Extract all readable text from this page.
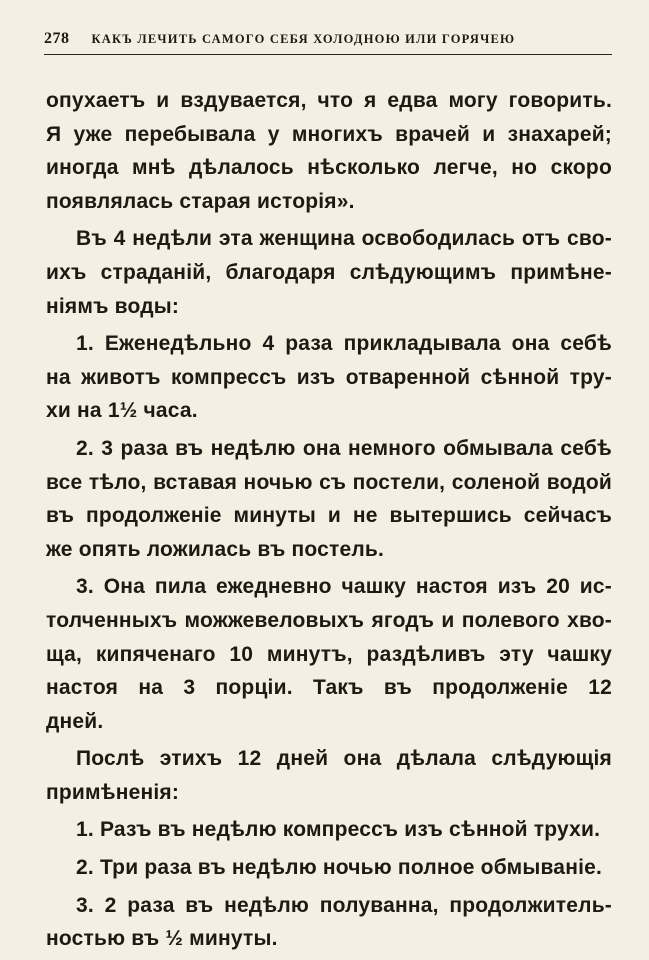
278 КАКЪ ЛЕЧИТЬ САМОГО СЕБЯ ХОЛОДНОЮ ИЛИ ГОРЯЧЕЮ

опухаетъ и вздувается, что я едва могу говорить.
Я уже перебывала у многихъ врачей и знахарей;
иногда мнѣ дѣлалось нѣсколько легче, но скоро
появлялась старая исторія».

Въ 4 недѣли эта женщина освободилась отъ сво-
ихъ страданій, благодаря слѣдующимъ примѣне-
ніямъ воды:

1. Еженедѣльно 4 раза прикладывала она себѣ
на животъ компрессъ изъ отваренной сѣнной тру-
хи на 1½ часа.

2. 3 раза въ недѣлю она немного обмывала себѣ
все тѣло, вставая ночью съ постели, соленой водой
въ продолженіе минуты и не вытершись сейчасъ
же опять ложилась въ постель.

3. Она пила ежедневно чашку настоя изъ 20 ис-
толченныхъ можжевеловыхъ ягодъ и полевого хво-
ща, кипяченаго 10 минутъ, раздѣливъ эту чашку
настоя на 3 порціи. Такъ въ продолженіе 12
дней.

Послѣ этихъ 12 дней она дѣлала слѣдующія
примѣненія:

1. Разъ въ недѣлю компрессъ изъ сѣнной трухи.

2. Три раза въ недѣлю ночью полное обмываніе.

3. 2 раза въ недѣлю полуванна, продолжитель-
ностью въ ½ минуты.
